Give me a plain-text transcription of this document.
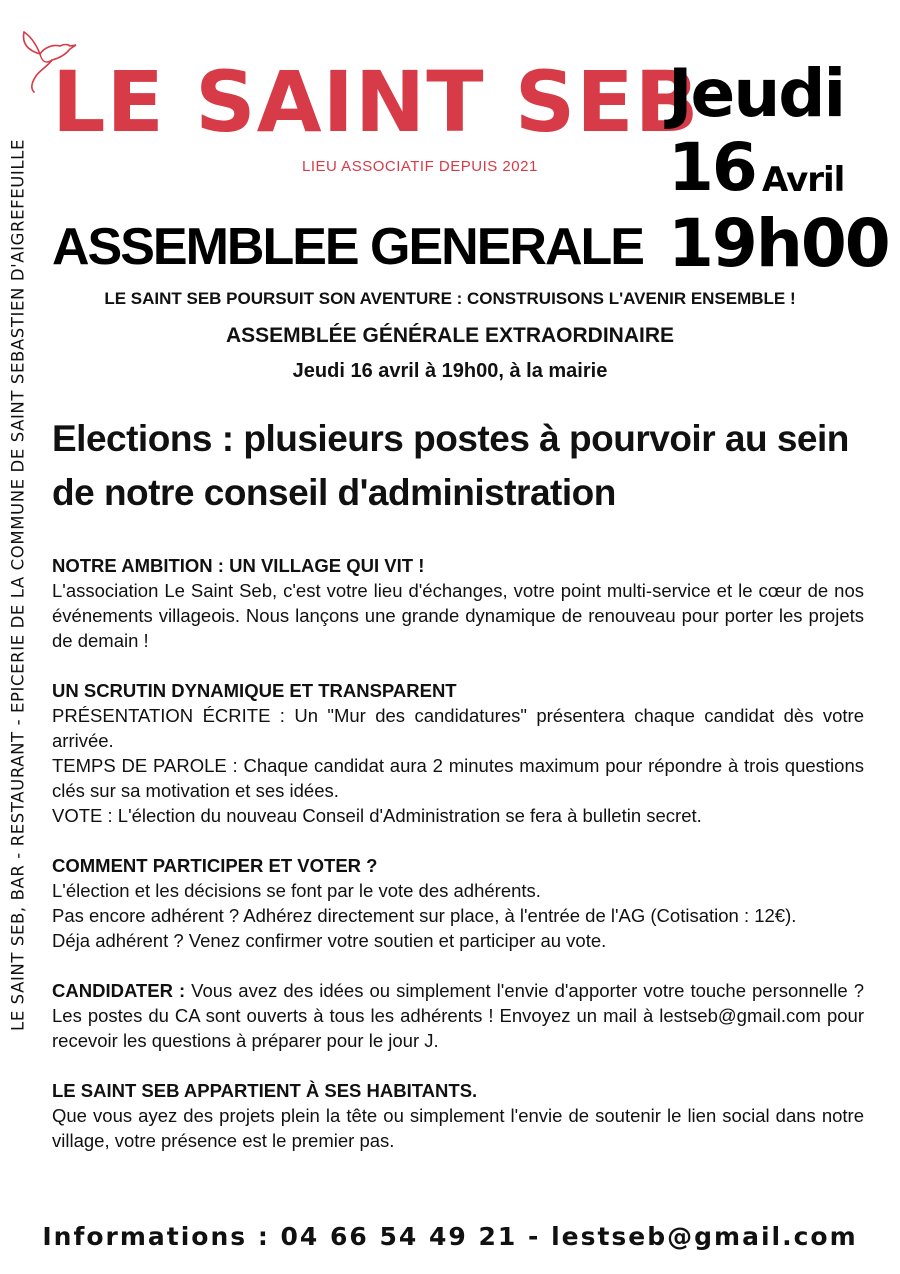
LE SAINT SEB, BAR - RESTAURANT - EPICERIE DE LA COMMUNE DE SAINT SEBASTIEN D'AIGREFEUILLE
LE SAINT SEB
LIEU ASSOCIATIF DEPUIS 2021
Jeudi
16 Avril
19h00
ASSEMBLEE GENERALE
LE SAINT SEB POURSUIT SON AVENTURE : CONSTRUISONS L'AVENIR ENSEMBLE !
ASSEMBLÉE GÉNÉRALE EXTRAORDINAIRE
Jeudi 16 avril à 19h00, à la mairie
Elections : plusieurs postes à pourvoir au sein de notre conseil d'administration

NOTRE AMBITION : UN VILLAGE QUI VIT !

L'association Le Saint Seb, c'est votre lieu d'échanges, votre point multi-service et le cœur de nos événements villageois. Nous lançons une grande dynamique de renouveau pour porter les projets de demain !

UN SCRUTIN DYNAMIQUE ET TRANSPARENT

PRÉSENTATION ÉCRITE : Un "Mur des candidatures" présentera chaque candidat dès votre arrivée.

TEMPS DE PAROLE : Chaque candidat aura 2 minutes maximum pour répondre à trois questions clés sur sa motivation et ses idées.

VOTE : L'élection du nouveau Conseil d'Administration se fera à bulletin secret.

COMMENT PARTICIPER ET VOTER ?

L'élection et les décisions se font par le vote des adhérents.

Pas encore adhérent ? Adhérez directement sur place, à l'entrée de l'AG (Cotisation : 12€).

Déja adhérent ? Venez confirmer votre soutien et participer au vote.

CANDIDATER : Vous avez des idées ou simplement l'envie d'apporter votre touche personnelle ? Les postes du CA sont ouverts à tous les adhérents ! Envoyez un mail à lestseb@gmail.com pour recevoir les questions à préparer pour le jour J.

LE SAINT SEB APPARTIENT À SES HABITANTS.

Que vous ayez des projets plein la tête ou simplement l'envie de soutenir le lien social dans notre village, votre présence est le premier pas.

Informations : 04 66 54 49 21 - lestseb@gmail.com
